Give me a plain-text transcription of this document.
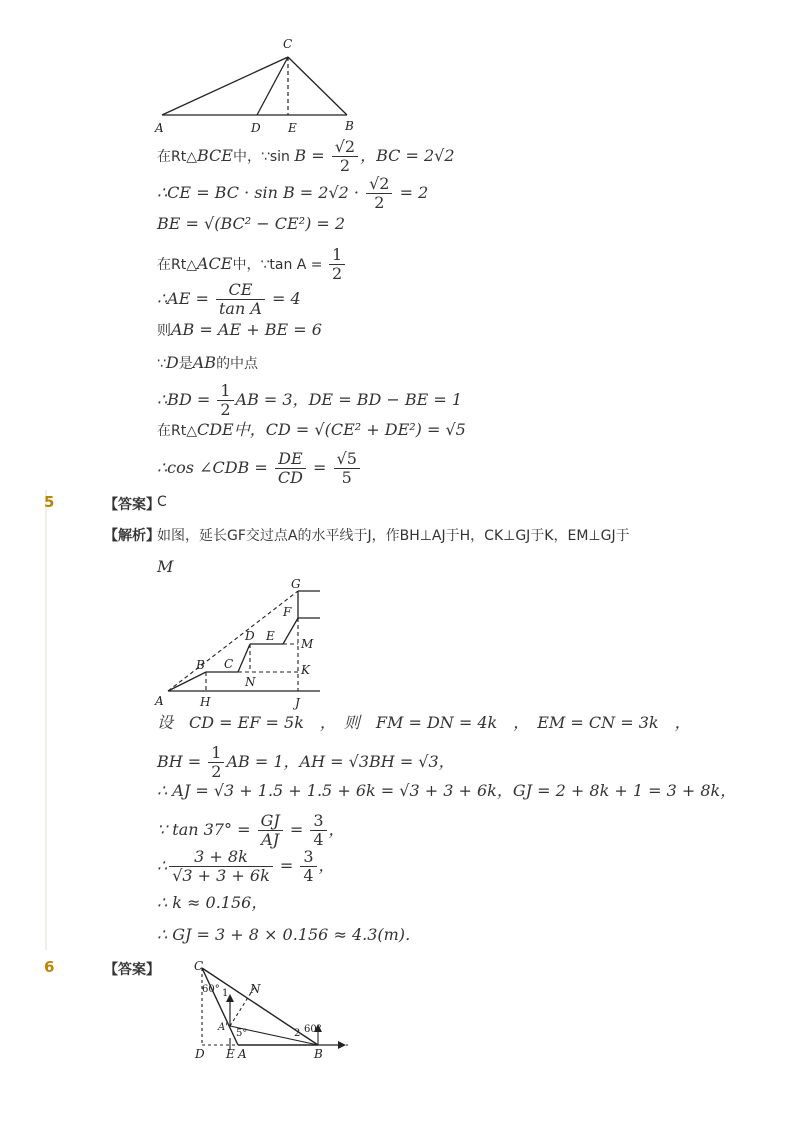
A	D E	B
C
在Rt△BCE中，∵sin $B = \frac{√2}{2}$ ，BC = 2√2
∴CE = BC · $\sin B = 2√2 \cdot \frac{√2}{2} = 2$
BE = √(BC² − CE²) = 2
在Rt△ACE中，∵tan $A = \frac{1}{2}$
∴AE = $\frac{CE}{\text{tan A}} = 4$
则AB = AE + BE = 6
∵D是AB的中点
∴BD = $\frac{1}{2}$ AB = 3，DE = BD − BE = 1
在Rt△CDE中，CD = √(CE² + DE²) = √5
∴cos ∠CDB = $\frac{DE}{CD} = \frac{√5}{5}$
5	【答案】
C
【解析】
如图，延长GF交过点A的水平线于J，作BH⊥AJ于H，CK⊥GJ于K，EM⊥GJ于
M
G
F
D E
M
B C	K
N
A	H	J
设　CD = EF = 5k　，　则　FM = DN = 4k　，　EM = CN = 3k　，
BH = $\frac{1}{2}$ AB = 1，AH = √3BH = √3，
∴ AJ = √3 + 1.5 + 1.5 + 6k = √3 + 3 + 6k，GJ = 2 + 8k + 1 = 3 + 8k，
∵ $\tan 37^\circ = \frac{GJ}{AJ} = \frac{3}{4}$ ，
∴ $\frac{3 + 8k}{√3 + 3 + 6k} = \frac{3}{4}$ ，
∴ k ≈ 0.156，
∴ GJ = 3 + 8 × 0.156 ≈ 4.3(m)．
6	【答案】	C
60° 1 N
A'
5°	2 60°
D E A	B
